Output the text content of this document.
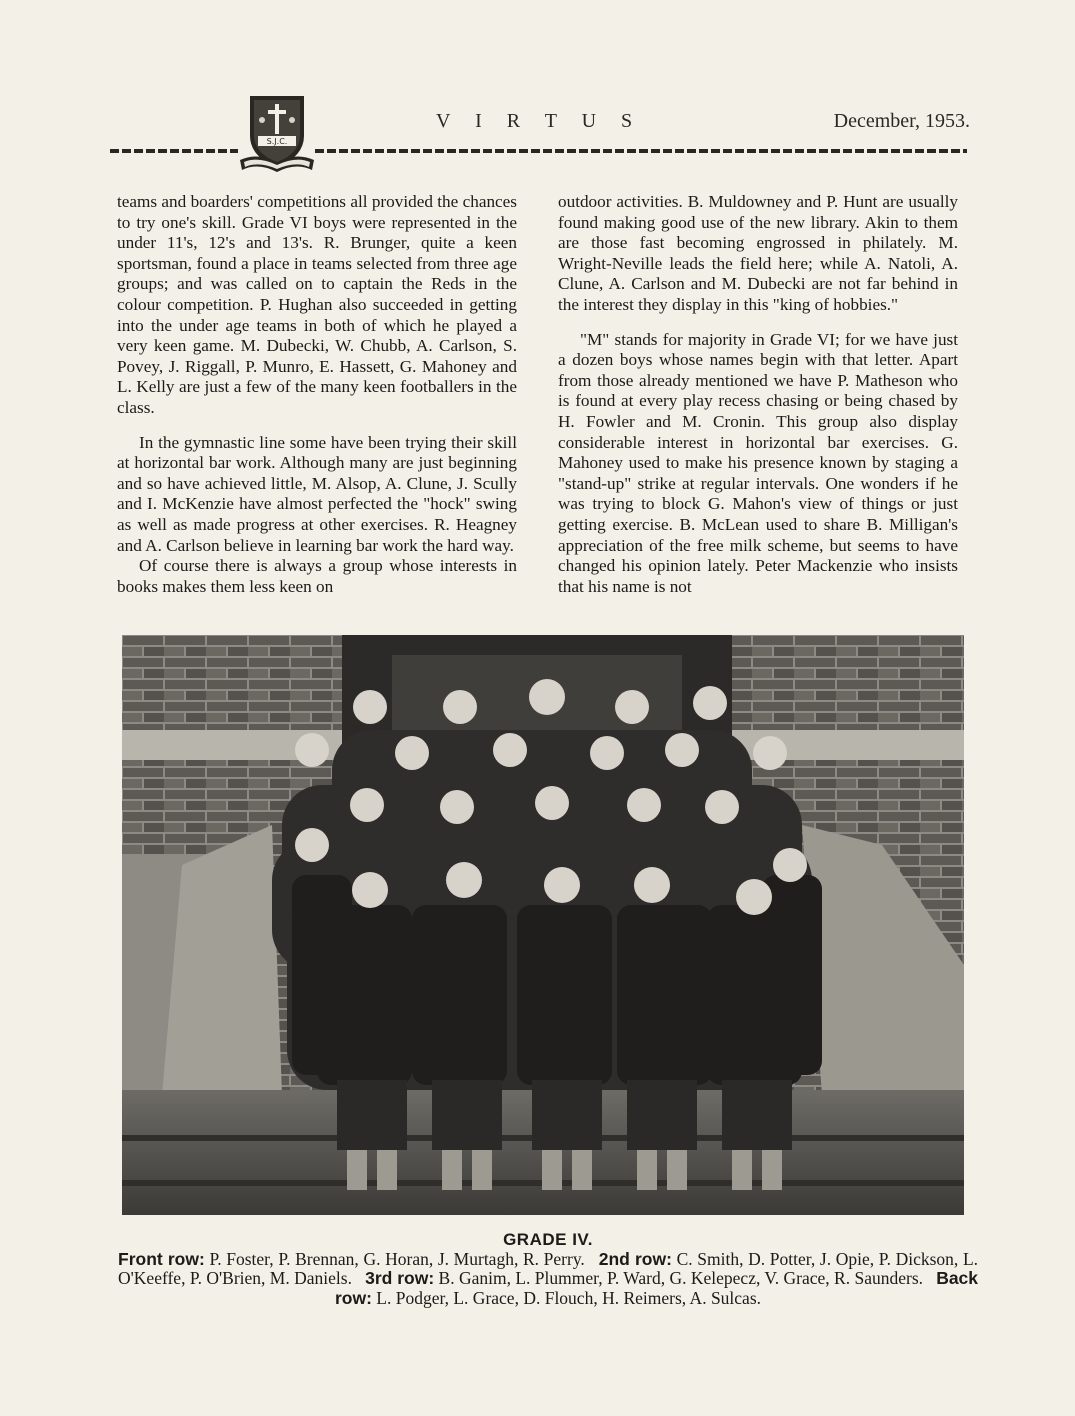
S.J.C.
V I R T U S	December, 1953.

teams and boarders' competitions all provided the chances to try one's skill. Grade VI boys were represented in the under 11's, 12's and 13's. R. Brunger, quite a keen sportsman, found a place in teams selected from three age groups; and was called on to captain the Reds in the colour competition. P. Hughan also succeeded in getting into the under age teams in both of which he played a very keen game. M. Dubecki, W. Chubb, A. Carlson, S. Povey, J. Riggall, P. Munro, E. Hassett, G. Mahoney and L. Kelly are just a few of the many keen footballers in the class.

In the gymnastic line some have been trying their skill at horizontal bar work. Although many are just beginning and so have achieved little, M. Alsop, A. Clune, J. Scully and I. McKenzie have almost perfected the "hock" swing as well as made progress at other exercises. R. Heagney and A. Carlson believe in learning bar work the hard way.

Of course there is always a group whose interests in books makes them less keen on

outdoor activities. B. Muldowney and P. Hunt are usually found making good use of the new library. Akin to them are those fast becoming engrossed in philately. M. Wright-Neville leads the field here; while A. Natoli, A. Clune, A. Carlson and M. Dubecki are not far behind in the interest they display in this "king of hobbies."

"M" stands for majority in Grade VI; for we have just a dozen boys whose names begin with that letter. Apart from those already mentioned we have P. Matheson who is found at every play recess chasing or being chased by H. Fowler and M. Cronin. This group also display considerable interest in horizontal bar exercises. G. Mahoney used to make his presence known by staging a "stand-up" strike at regular intervals. One wonders if he was trying to block G. Mahon's view of things or just getting exercise. B. McLean used to share B. Milligan's appreciation of the free milk scheme, but seems to have changed his opinion lately. Peter Mackenzie who insists that his name is not

GRADE IV.
Front row: P. Foster, P. Brennan, G. Horan, J. Murtagh, R. Perry. 2nd row: C. Smith, D. Potter, J. Opie, P. Dickson, L. O'Keeffe, P. O'Brien, M. Daniels. 3rd row: B. Ganim, L. Plummer, P. Ward, G. Kelepecz, V. Grace, R. Saunders. Back row: L. Podger, L. Grace, D. Flouch, H. Reimers, A. Sulcas.
